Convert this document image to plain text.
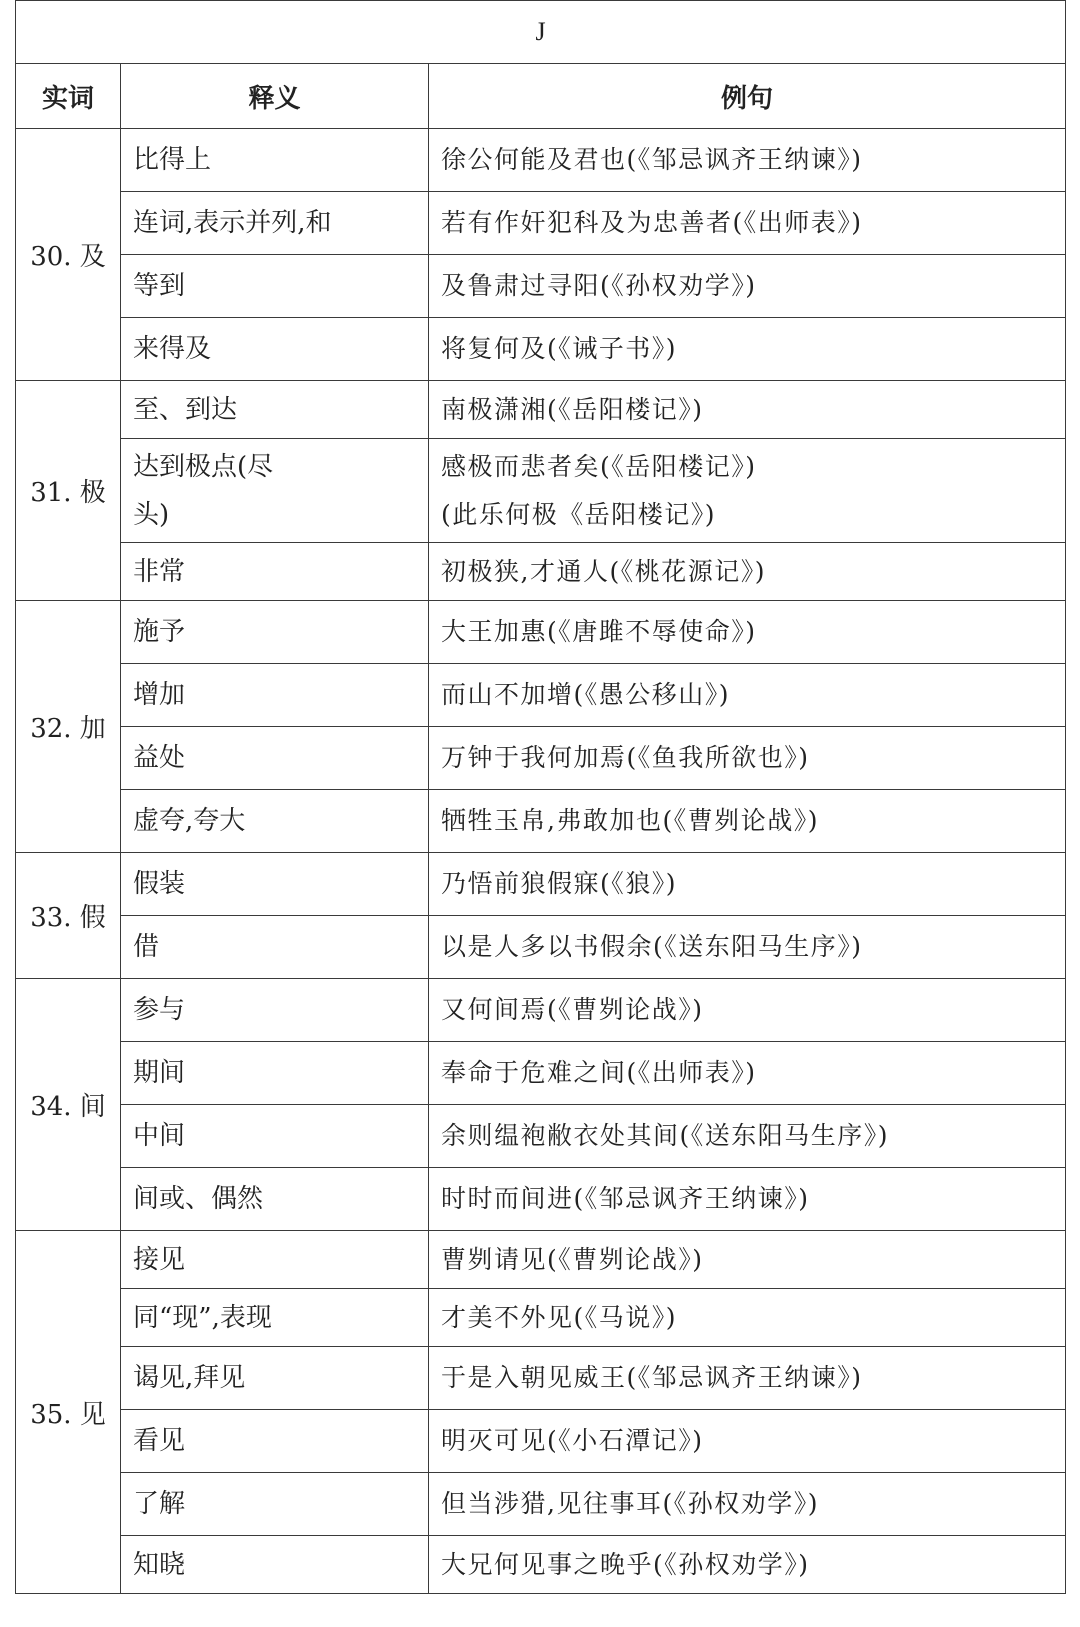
J		
实词	释义	例句
30. 及	比得上	徐公何能及君也(《邹忌讽齐王纳谏》)
	连词,表示并列,和	若有作奸犯科及为忠善者(《出师表》)
	等到	及鲁肃过寻阳(《孙权劝学》)
	来得及	将复何及(《诫子书》)
31. 极	至、到达	南极潇湘(《岳阳楼记》)
	达到极点(尽头)	感极而悲者矣(《岳阳楼记》)
(此乐何极《岳阳楼记》)

	非常	初极狭,才通人(《桃花源记》)
32. 加	施予	大王加惠(《唐雎不辱使命》)
	增加	而山不加增(《愚公移山》)
	益处	万钟于我何加焉(《鱼我所欲也》)
	虚夸,夸大	牺牲玉帛,弗敢加也(《曹刿论战》)
33. 假	假装	乃悟前狼假寐(《狼》)
	借	以是人多以书假余(《送东阳马生序》)
34. 间	参与	又何间焉(《曹刿论战》)
	期间	奉命于危难之间(《出师表》)
	中间	余则缊袍敝衣处其间(《送东阳马生序》)
	间或、偶然	时时而间进(《邹忌讽齐王纳谏》)
35. 见	接见	曹刿请见(《曹刿论战》)
	同“现”,表现	才美不外见(《马说》)
	谒见,拜见	于是入朝见威王(《邹忌讽齐王纳谏》)
	看见	明灭可见(《小石潭记》)
	了解	但当涉猎,见往事耳(《孙权劝学》)
	知晓	大兄何见事之晚乎(《孙权劝学》)
